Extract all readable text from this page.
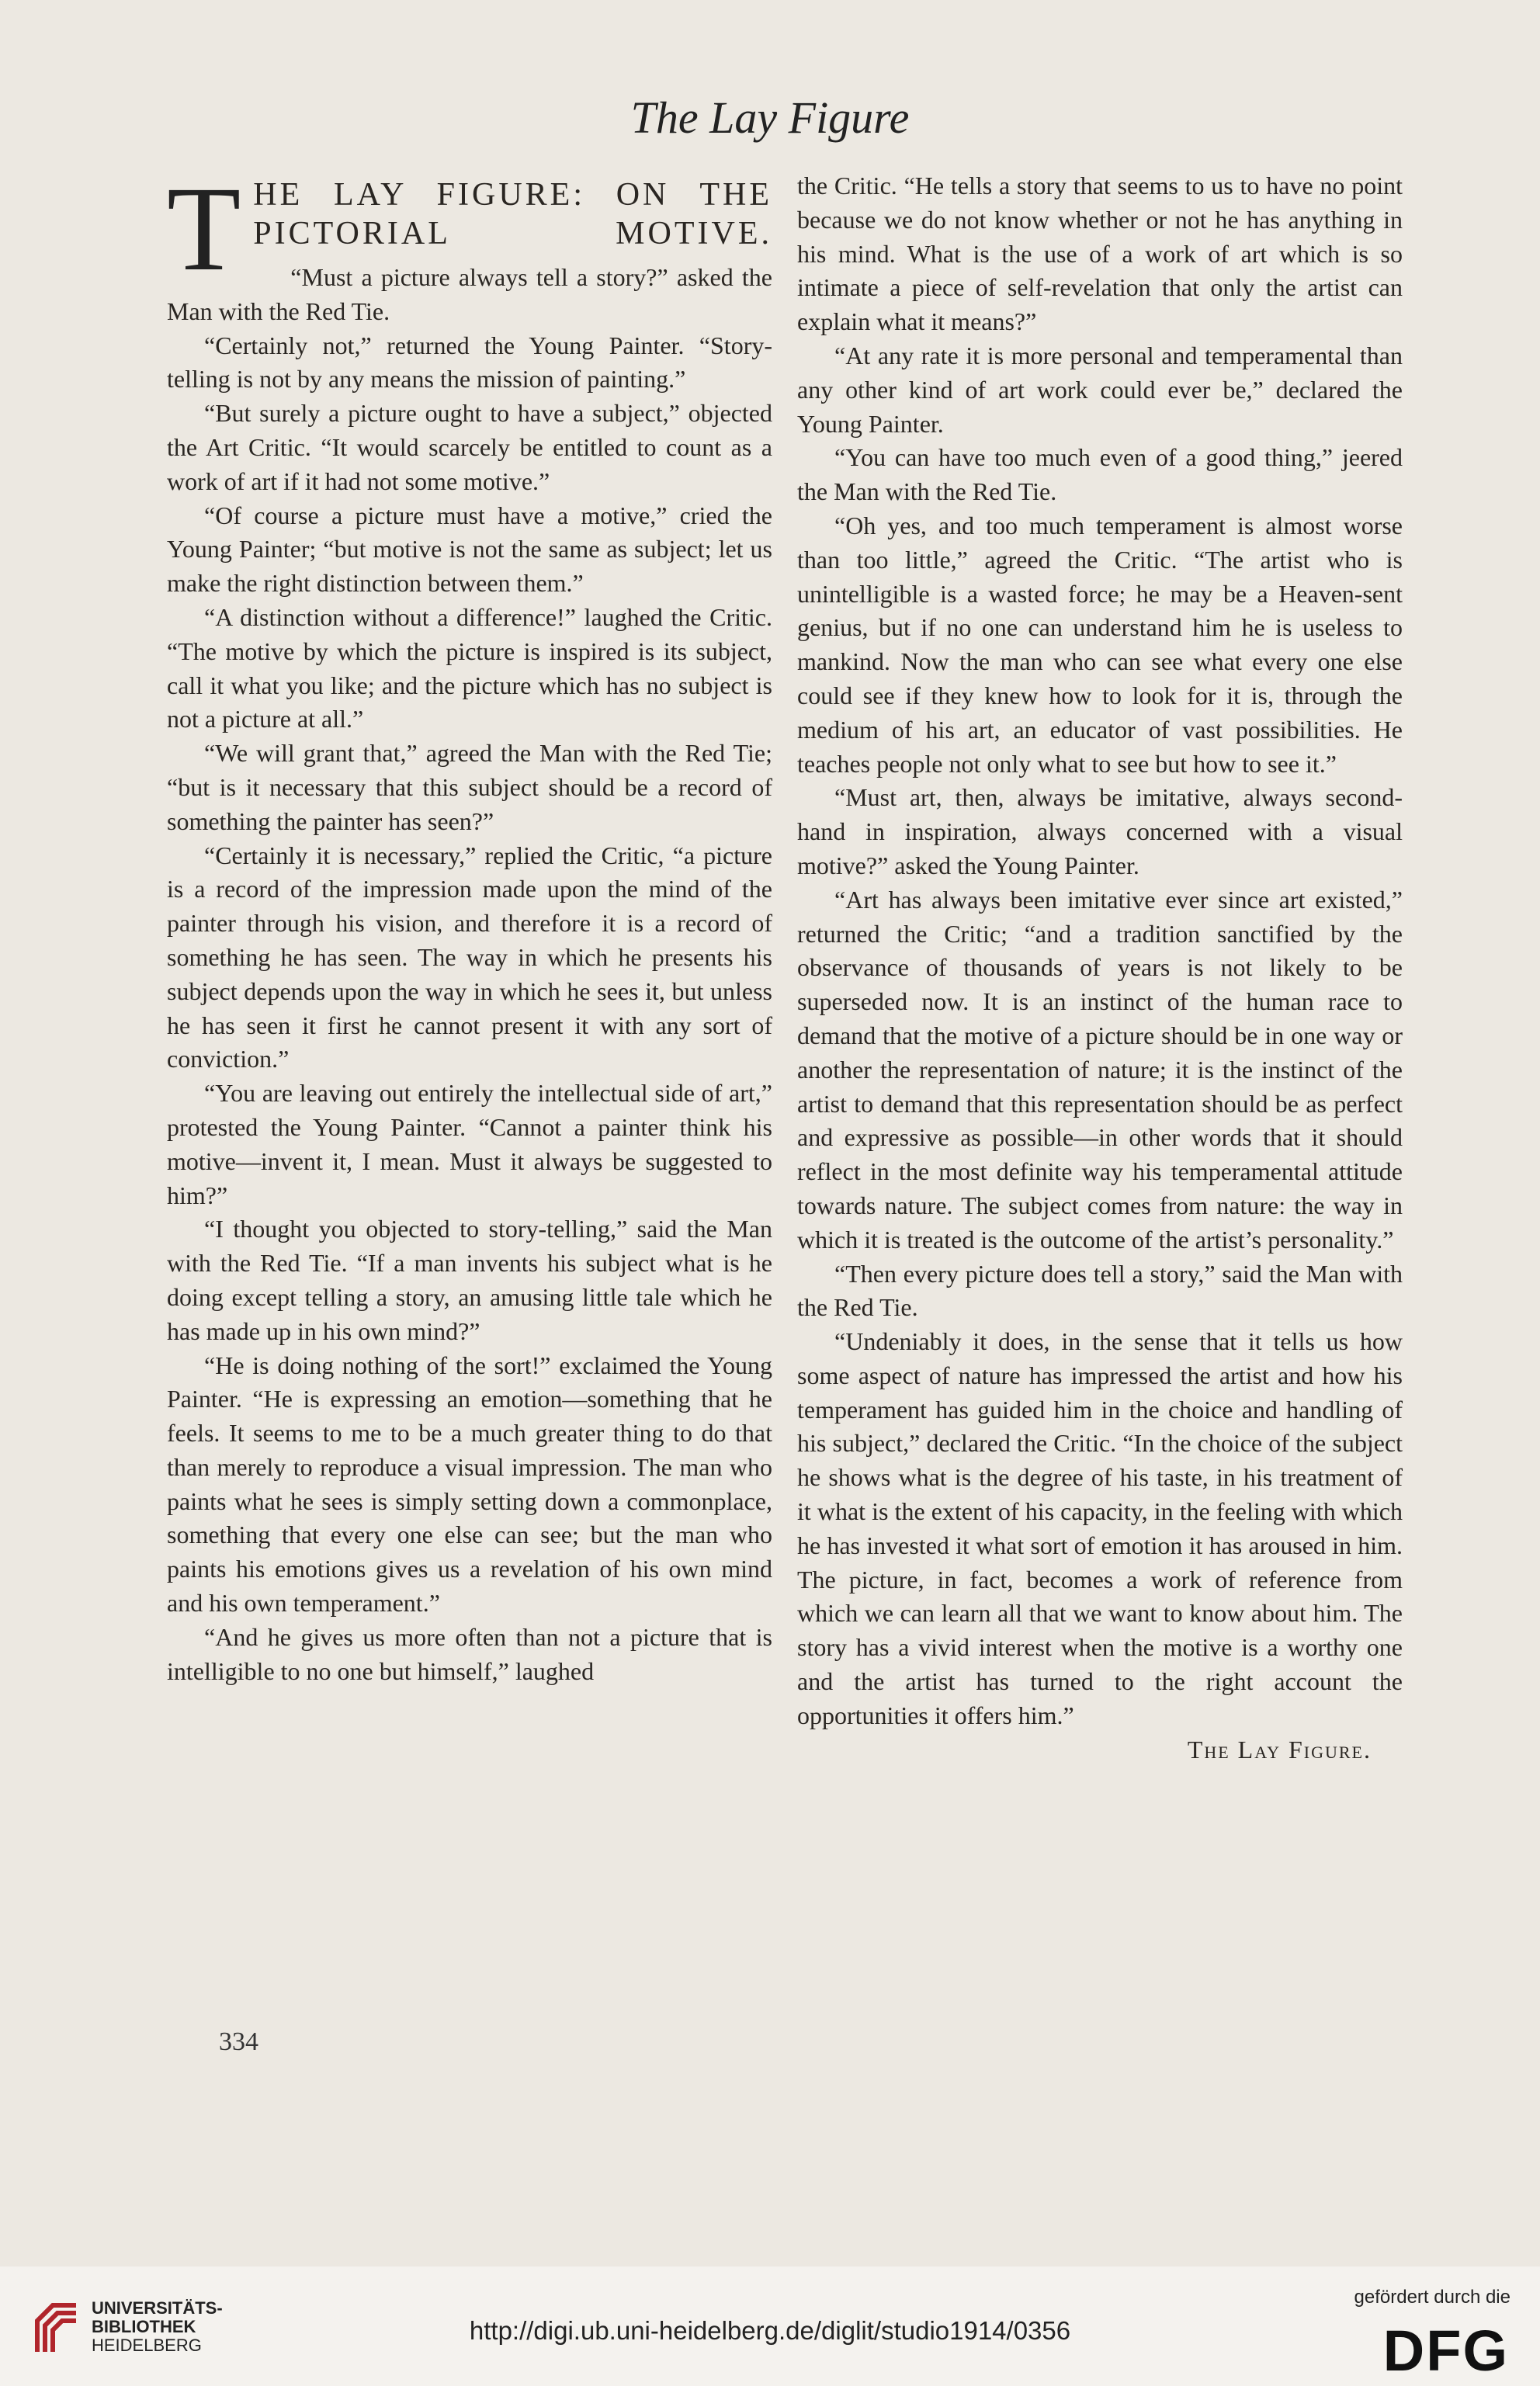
The Lay Figure
T HE LAY FIGURE: ON THE
PICTORIAL MOTIVE.

“Must a picture always tell a story?” asked the Man with the Red Tie.

“Certainly not,” returned the Young Painter. “Story-telling is not by any means the mission of painting.”

“But surely a picture ought to have a subject,” objected the Art Critic. “It would scarcely be entitled to count as a work of art if it had not some motive.”

“Of course a picture must have a motive,” cried the Young Painter; “but motive is not the same as subject; let us make the right distinction between them.”

“A distinction without a difference!” laughed the Critic. “The motive by which the picture is inspired is its subject, call it what you like; and the picture which has no subject is not a picture at all.”

“We will grant that,” agreed the Man with the Red Tie; “but is it necessary that this subject should be a record of something the painter has seen?”

“Certainly it is necessary,” replied the Critic, “a picture is a record of the impression made upon the mind of the painter through his vision, and therefore it is a record of something he has seen. The way in which he presents his subject depends upon the way in which he sees it, but unless he has seen it first he cannot present it with any sort of conviction.”

“You are leaving out entirely the intellectual side of art,” protested the Young Painter. “Cannot a painter think his motive—invent it, I mean. Must it always be suggested to him?”

“I thought you objected to story-telling,” said the Man with the Red Tie. “If a man invents his subject what is he doing except telling a story, an amusing little tale which he has made up in his own mind?”

“He is doing nothing of the sort!” exclaimed the Young Painter. “He is expressing an emotion—something that he feels. It seems to me to be a much greater thing to do that than merely to reproduce a visual impression. The man who paints what he sees is simply setting down a commonplace, something that every one else can see; but the man who paints his emotions gives us a revelation of his own mind and his own temperament.”

“And he gives us more often than not a picture that is intelligible to no one but himself,” laughed

the Critic. “He tells a story that seems to us to have no point because we do not know whether or not he has anything in his mind. What is the use of a work of art which is so intimate a piece of self-revelation that only the artist can explain what it means?”

“At any rate it is more personal and temperamental than any other kind of art work could ever be,” declared the Young Painter.

“You can have too much even of a good thing,” jeered the Man with the Red Tie.

“Oh yes, and too much temperament is almost worse than too little,” agreed the Critic. “The artist who is unintelligible is a wasted force; he may be a Heaven-sent genius, but if no one can understand him he is useless to mankind. Now the man who can see what every one else could see if they knew how to look for it is, through the medium of his art, an educator of vast possibilities. He teaches people not only what to see but how to see it.”

“Must art, then, always be imitative, always second-hand in inspiration, always concerned with a visual motive?” asked the Young Painter.

“Art has always been imitative ever since art existed,” returned the Critic; “and a tradition sanctified by the observance of thousands of years is not likely to be superseded now. It is an instinct of the human race to demand that the motive of a picture should be in one way or another the representation of nature; it is the instinct of the artist to demand that this representation should be as perfect and expressive as possible—in other words that it should reflect in the most definite way his temperamental attitude towards nature. The subject comes from nature: the way in which it is treated is the outcome of the artist’s personality.”

“Then every picture does tell a story,” said the Man with the Red Tie.

“Undeniably it does, in the sense that it tells us how some aspect of nature has impressed the artist and how his temperament has guided him in the choice and handling of his subject,” declared the Critic. “In the choice of the subject he shows what is the degree of his taste, in his treatment of it what is the extent of his capacity, in the feeling with which he has invested it what sort of emotion it has aroused in him. The picture, in fact, becomes a work of reference from which we can learn all that we want to know about him. The story has a vivid interest when the motive is a worthy one and the artist has turned to the right account the opportunities it offers him.”

The Lay Figure.

334
UNIVERSITÄTS-
BIBLIOTHEK
HEIDELBERG
http://digi.ub.uni-heidelberg.de/diglit/studio1914/0356
gefördert durch die
DFG
